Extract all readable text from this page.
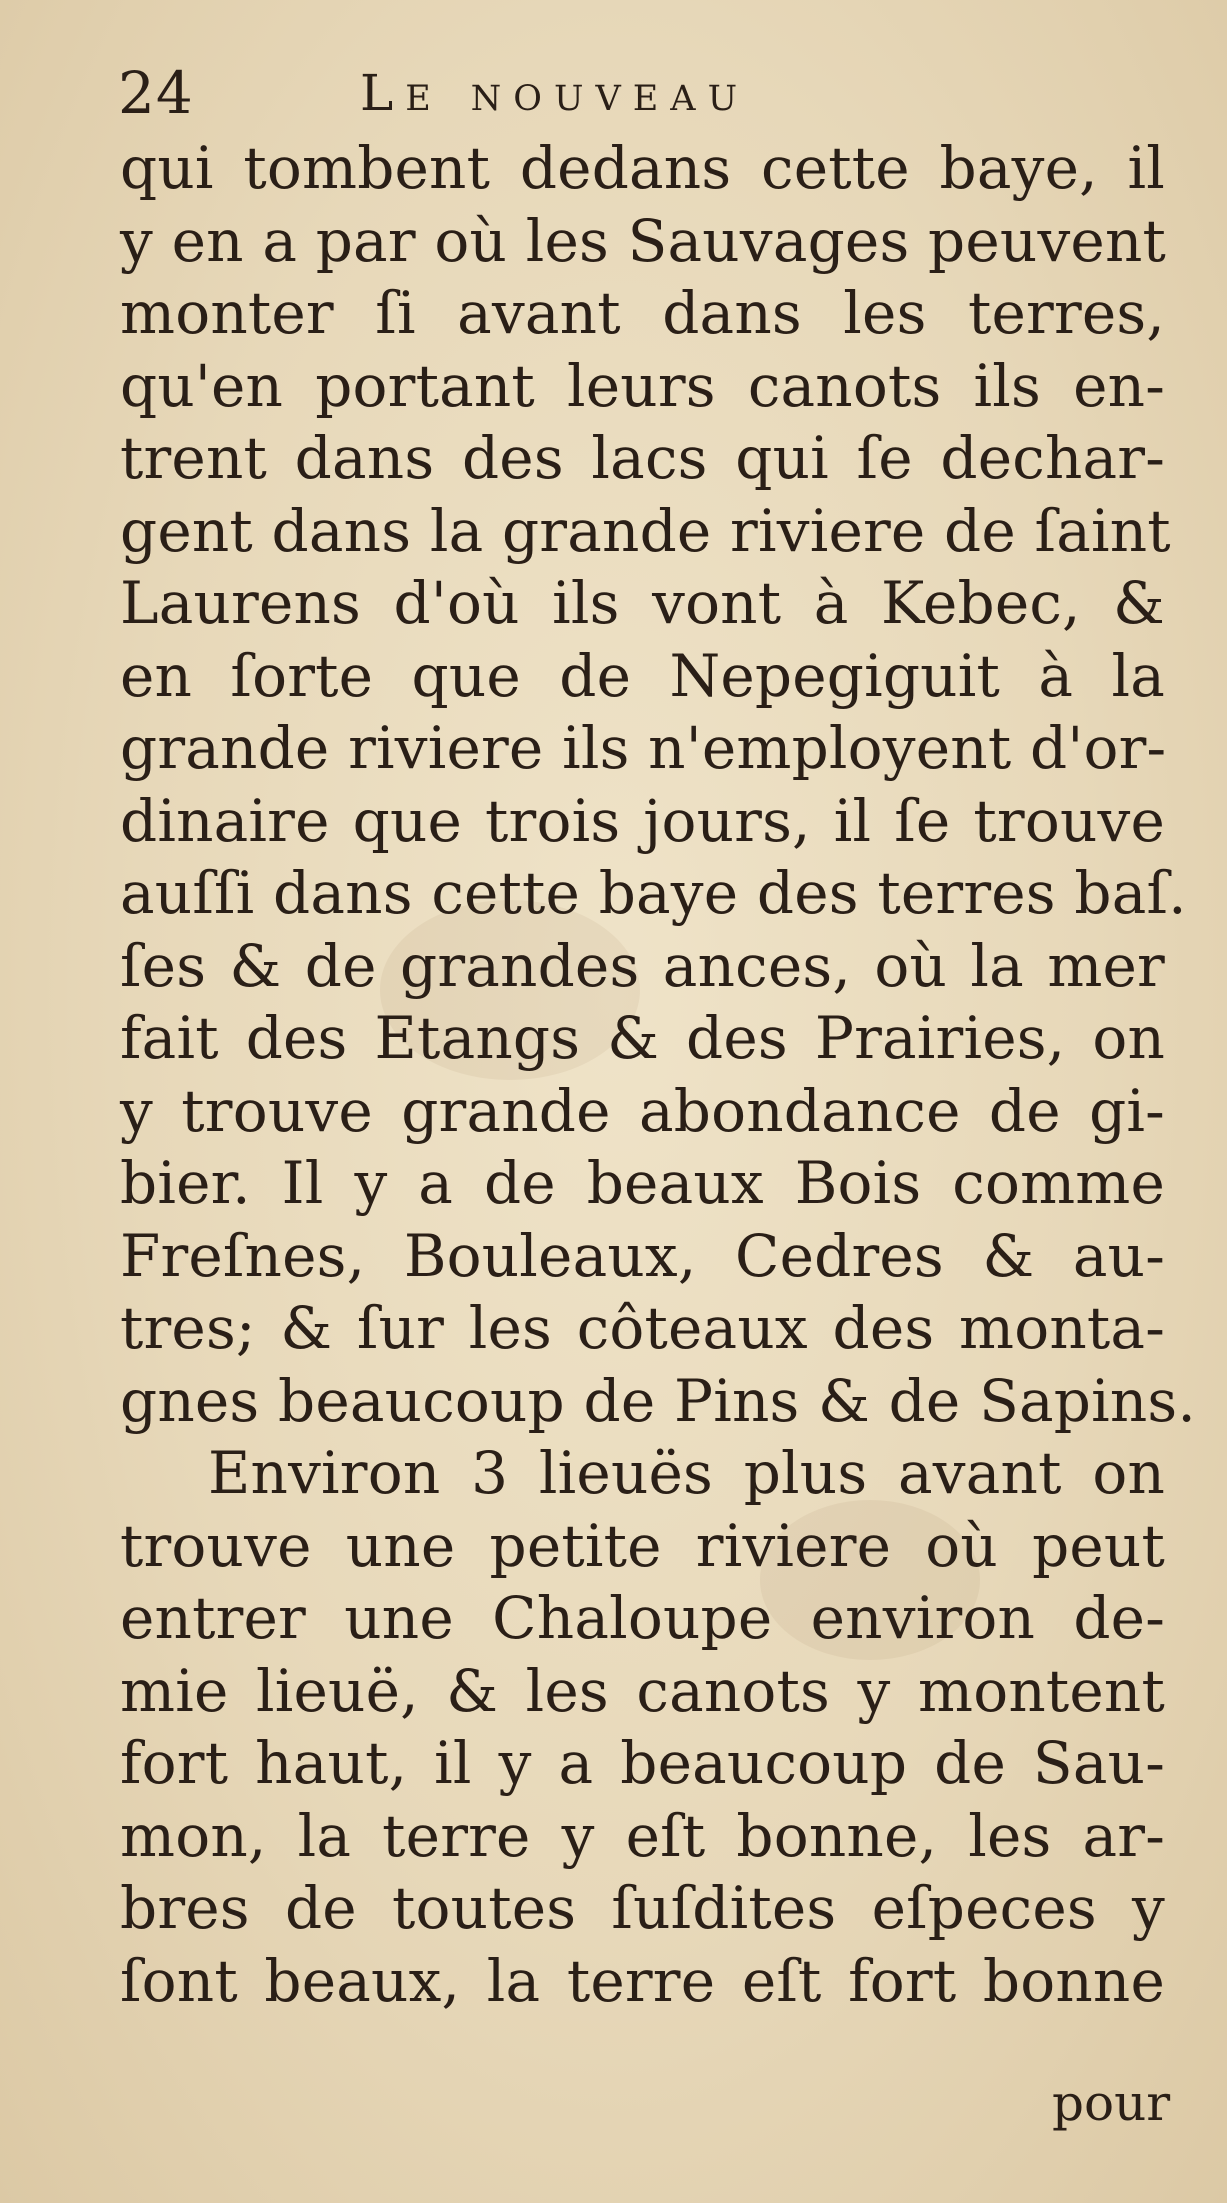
24	Le nouveau
qui tombent dedans cette baye, il
y en a par où les Sauvages peuvent
monter ſi avant dans les terres,
qu'en portant leurs canots ils en-
trent dans des lacs qui ſe dechar-
gent dans la grande riviere de ſaint
Laurens d'où ils vont à Kebec, &
en ſorte que de Nepegiguit à la
grande riviere ils n'employent d'or-
dinaire que trois jours, il ſe trouve
auſſi dans cette baye des terres baſ.
ſes & de grandes ances, où la mer
fait des Etangs & des Prairies, on
y trouve grande abondance de gi-
bier. Il y a de beaux Bois comme
Freſnes, Bouleaux, Cedres & au-
tres; & ſur les côteaux des monta-
gnes beaucoup de Pins & de Sapins.
Environ 3 lieuës plus avant on
trouve une petite riviere où peut
entrer une Chaloupe environ de-
mie lieuë, & les canots y montent
fort haut, il y a beaucoup de Sau-
mon, la terre y eſt bonne, les ar-
bres de toutes ſuſdites eſpeces y
ſont beaux, la terre eſt fort bonne
pour
